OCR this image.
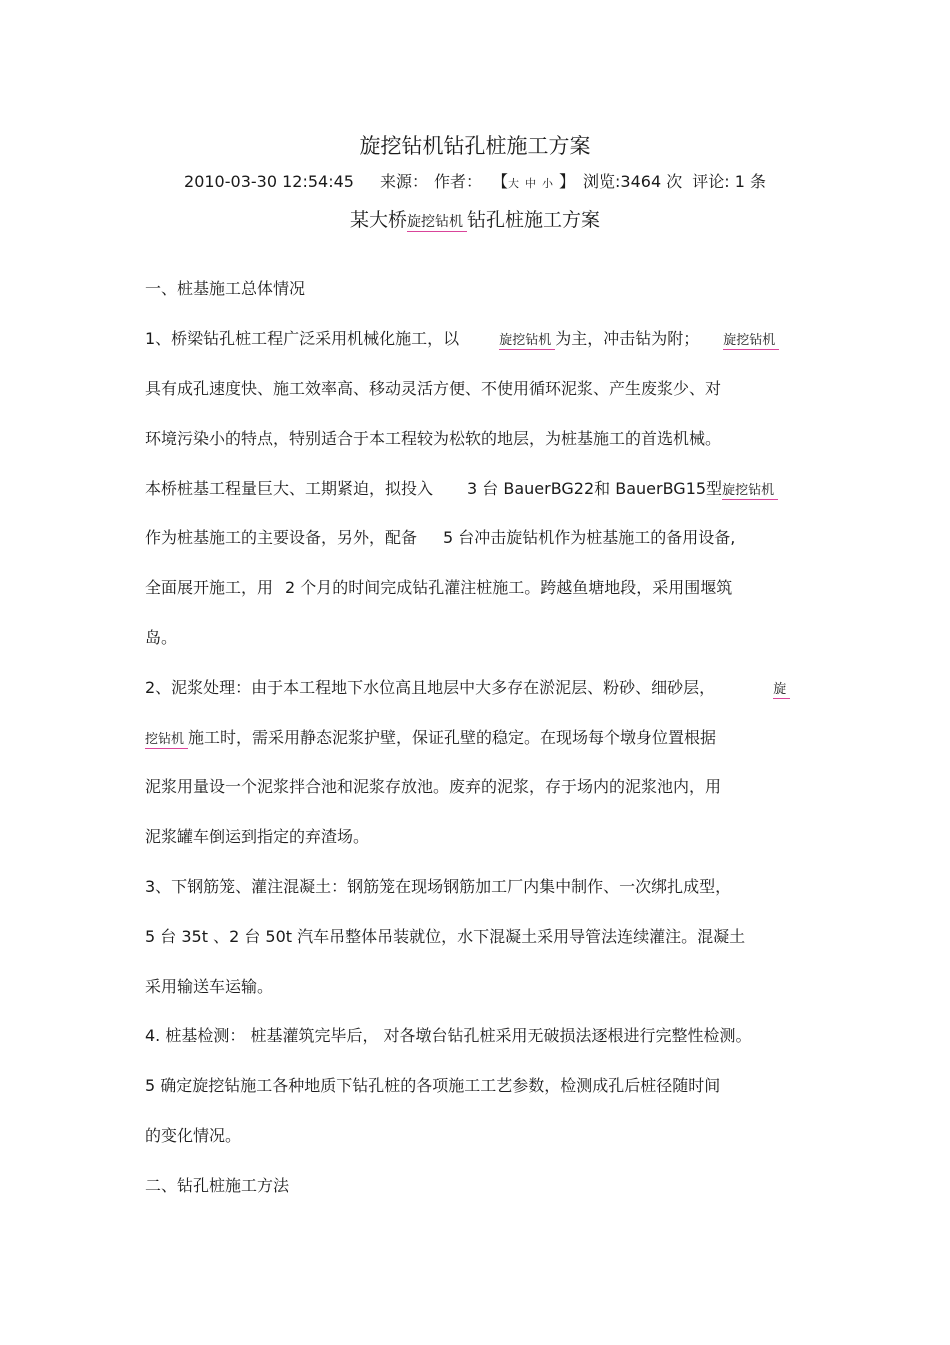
旋挖钻机钻孔桩施工方案
2010-03-30 12:54:45 来源： 作者： 【大中小】 浏览:3464 次 评论: 1 条
某大桥旋挖钻机 钻孔桩施工方案
一、桩基施工总体情况
1、桥梁钻孔桩工程广泛采用机械化施工，以	旋挖钻机 为主，冲击钻为附； 旋挖钻机
具有成孔速度快、施工效率高、移动灵活方便、不使用循环泥浆、产生废浆少、对
环境污染小的特点，特别适合于本工程较为松软的地层，为桩基施工的首选机械。
本桥桩基工程量巨大、工期紧迫，拟投入 3 台 BauerBG22和 BauerBG15型旋挖钻机
作为桩基施工的主要设备，另外，配备 5 台冲击旋钻机作为桩基施工的备用设备,
全面展开施工，用 2 个月的时间完成钻孔灌注桩施工。跨越鱼塘地段，采用围堰筑
岛。
2、泥浆处理：由于本工程地下水位高且地层中大多存在淤泥层、粉砂、细砂层，	旋
挖钻机 施工时，需采用静态泥浆护壁，保证孔壁的稳定。在现场每个墩身位置根据
泥浆用量设一个泥浆拌合池和泥浆存放池。废弃的泥浆，存于场内的泥浆池内，用
泥浆罐车倒运到指定的弃渣场。
3、下钢筋笼、灌注混凝土：钢筋笼在现场钢筋加工厂内集中制作、一次绑扎成型，
5 台 35t 、2 台 50t 汽车吊整体吊装就位，水下混凝土采用导管法连续灌注。混凝土
采用输送车运输。
4. 桩基检测： 桩基灌筑完毕后， 对各墩台钻孔桩采用无破损法逐根进行完整性检测。
5 确定旋挖钻施工各种地质下钻孔桩的各项施工工艺参数，检测成孔后桩径随时间
的变化情况。
二、钻孔桩施工方法
